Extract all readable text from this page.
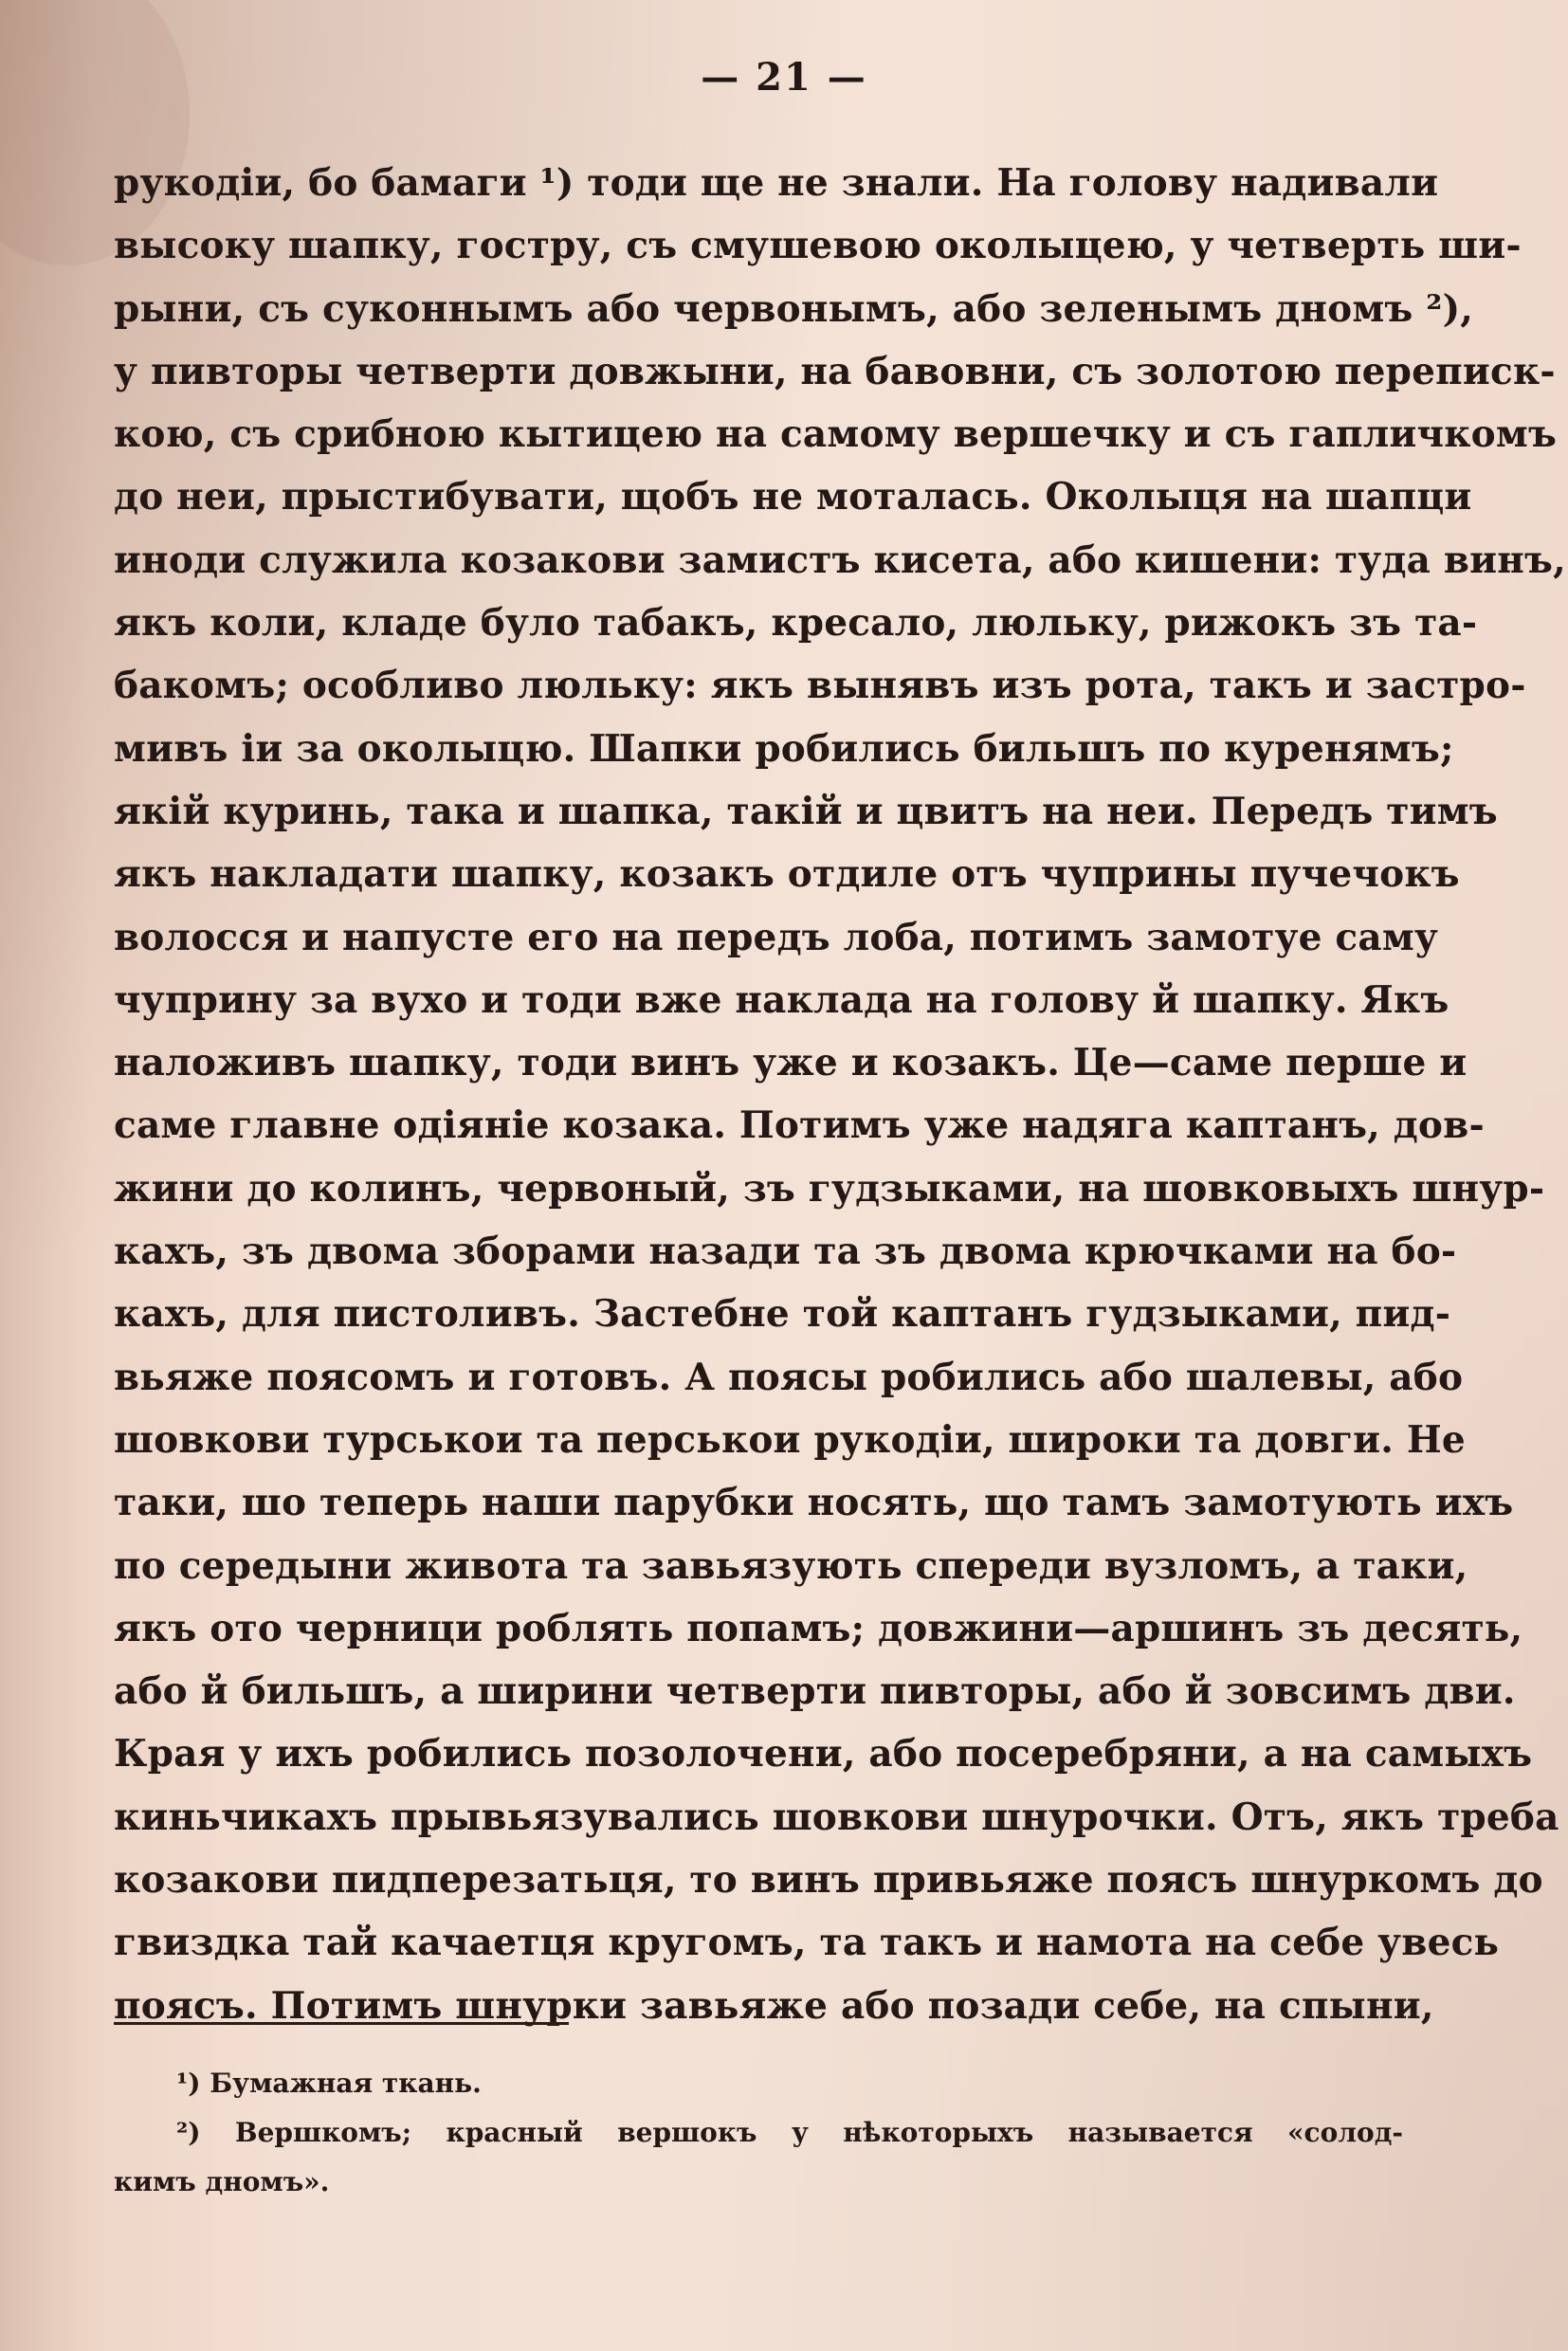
— 21 —
рукодіи, бо бамаги ¹) тоди ще не знали. На голову надивали
высоку шапку, гостру, съ смушевою околыцею, у четверть ши-
рыни, съ суконнымъ або червонымъ, або зеленымъ дномъ ²),
у пивторы четверти довжыни, на бавовни, съ золотою переписк-
кою, съ срибною кытицею на самому вершечку и съ гапличкомъ
до неи, прыстибувати, щобъ не моталась. Околыця на шапци
иноди служила козакови замистъ кисета, або кишени: туда винъ,
якъ коли, кладе було табакъ, кресало, люльку, рижокъ зъ та-
бакомъ; особливо люльку: якъ вынявъ изъ рота, такъ и застро-
мивъ іи за околыцю. Шапки робились бильшъ по куренямъ;
якій куринь, така и шапка, такій и цвитъ на неи. Передъ тимъ
якъ накладати шапку, козакъ отдиле отъ чуприны пучечокъ
волосся и напусте его на передъ лоба, потимъ замотуе саму
чуприну за вухо и тоди вже наклада на голову й шапку. Якъ
наложивъ шапку, тоди винъ уже и козакъ. Це—саме перше и
саме главне одіяніе козака. Потимъ уже надяга каптанъ, дов-
жини до колинъ, червоный, зъ гудзыками, на шовковыхъ шнур-
кахъ, зъ двома зборами назади та зъ двома крючками на бо-
кахъ, для пистоливъ. Застебне той каптанъ гудзыками, пид-
вьяже поясомъ и готовъ. А поясы робились або шалевы, або
шовкови турськои та перськои рукодіи, широки та довги. Не
таки, шо теперь наши парубки носять, що тамъ замотують ихъ
по середыни живота та завьязують спереди вузломъ, а таки,
якъ ото черници роблять попамъ; довжини—аршинъ зъ десять,
або й бильшъ, а ширини четверти пивторы, або й зовсимъ дви.
Края у ихъ робились позолочени, або посеребряни, а на самыхъ
киньчикахъ прывьязувались шовкови шнурочки. Отъ, якъ треба
козакови пидперезатьця, то винъ привьяже поясъ шнуркомъ до
гвиздка тай качаетця кругомъ, та такъ и намота на себе увесь
поясъ. Потимъ шнурки завьяже або позади себе, на спыни,
¹) Бумажная ткань.
²) Вершкомъ; красный вершокъ у нѣкоторыхъ называется «солод-
кимъ дномъ».
